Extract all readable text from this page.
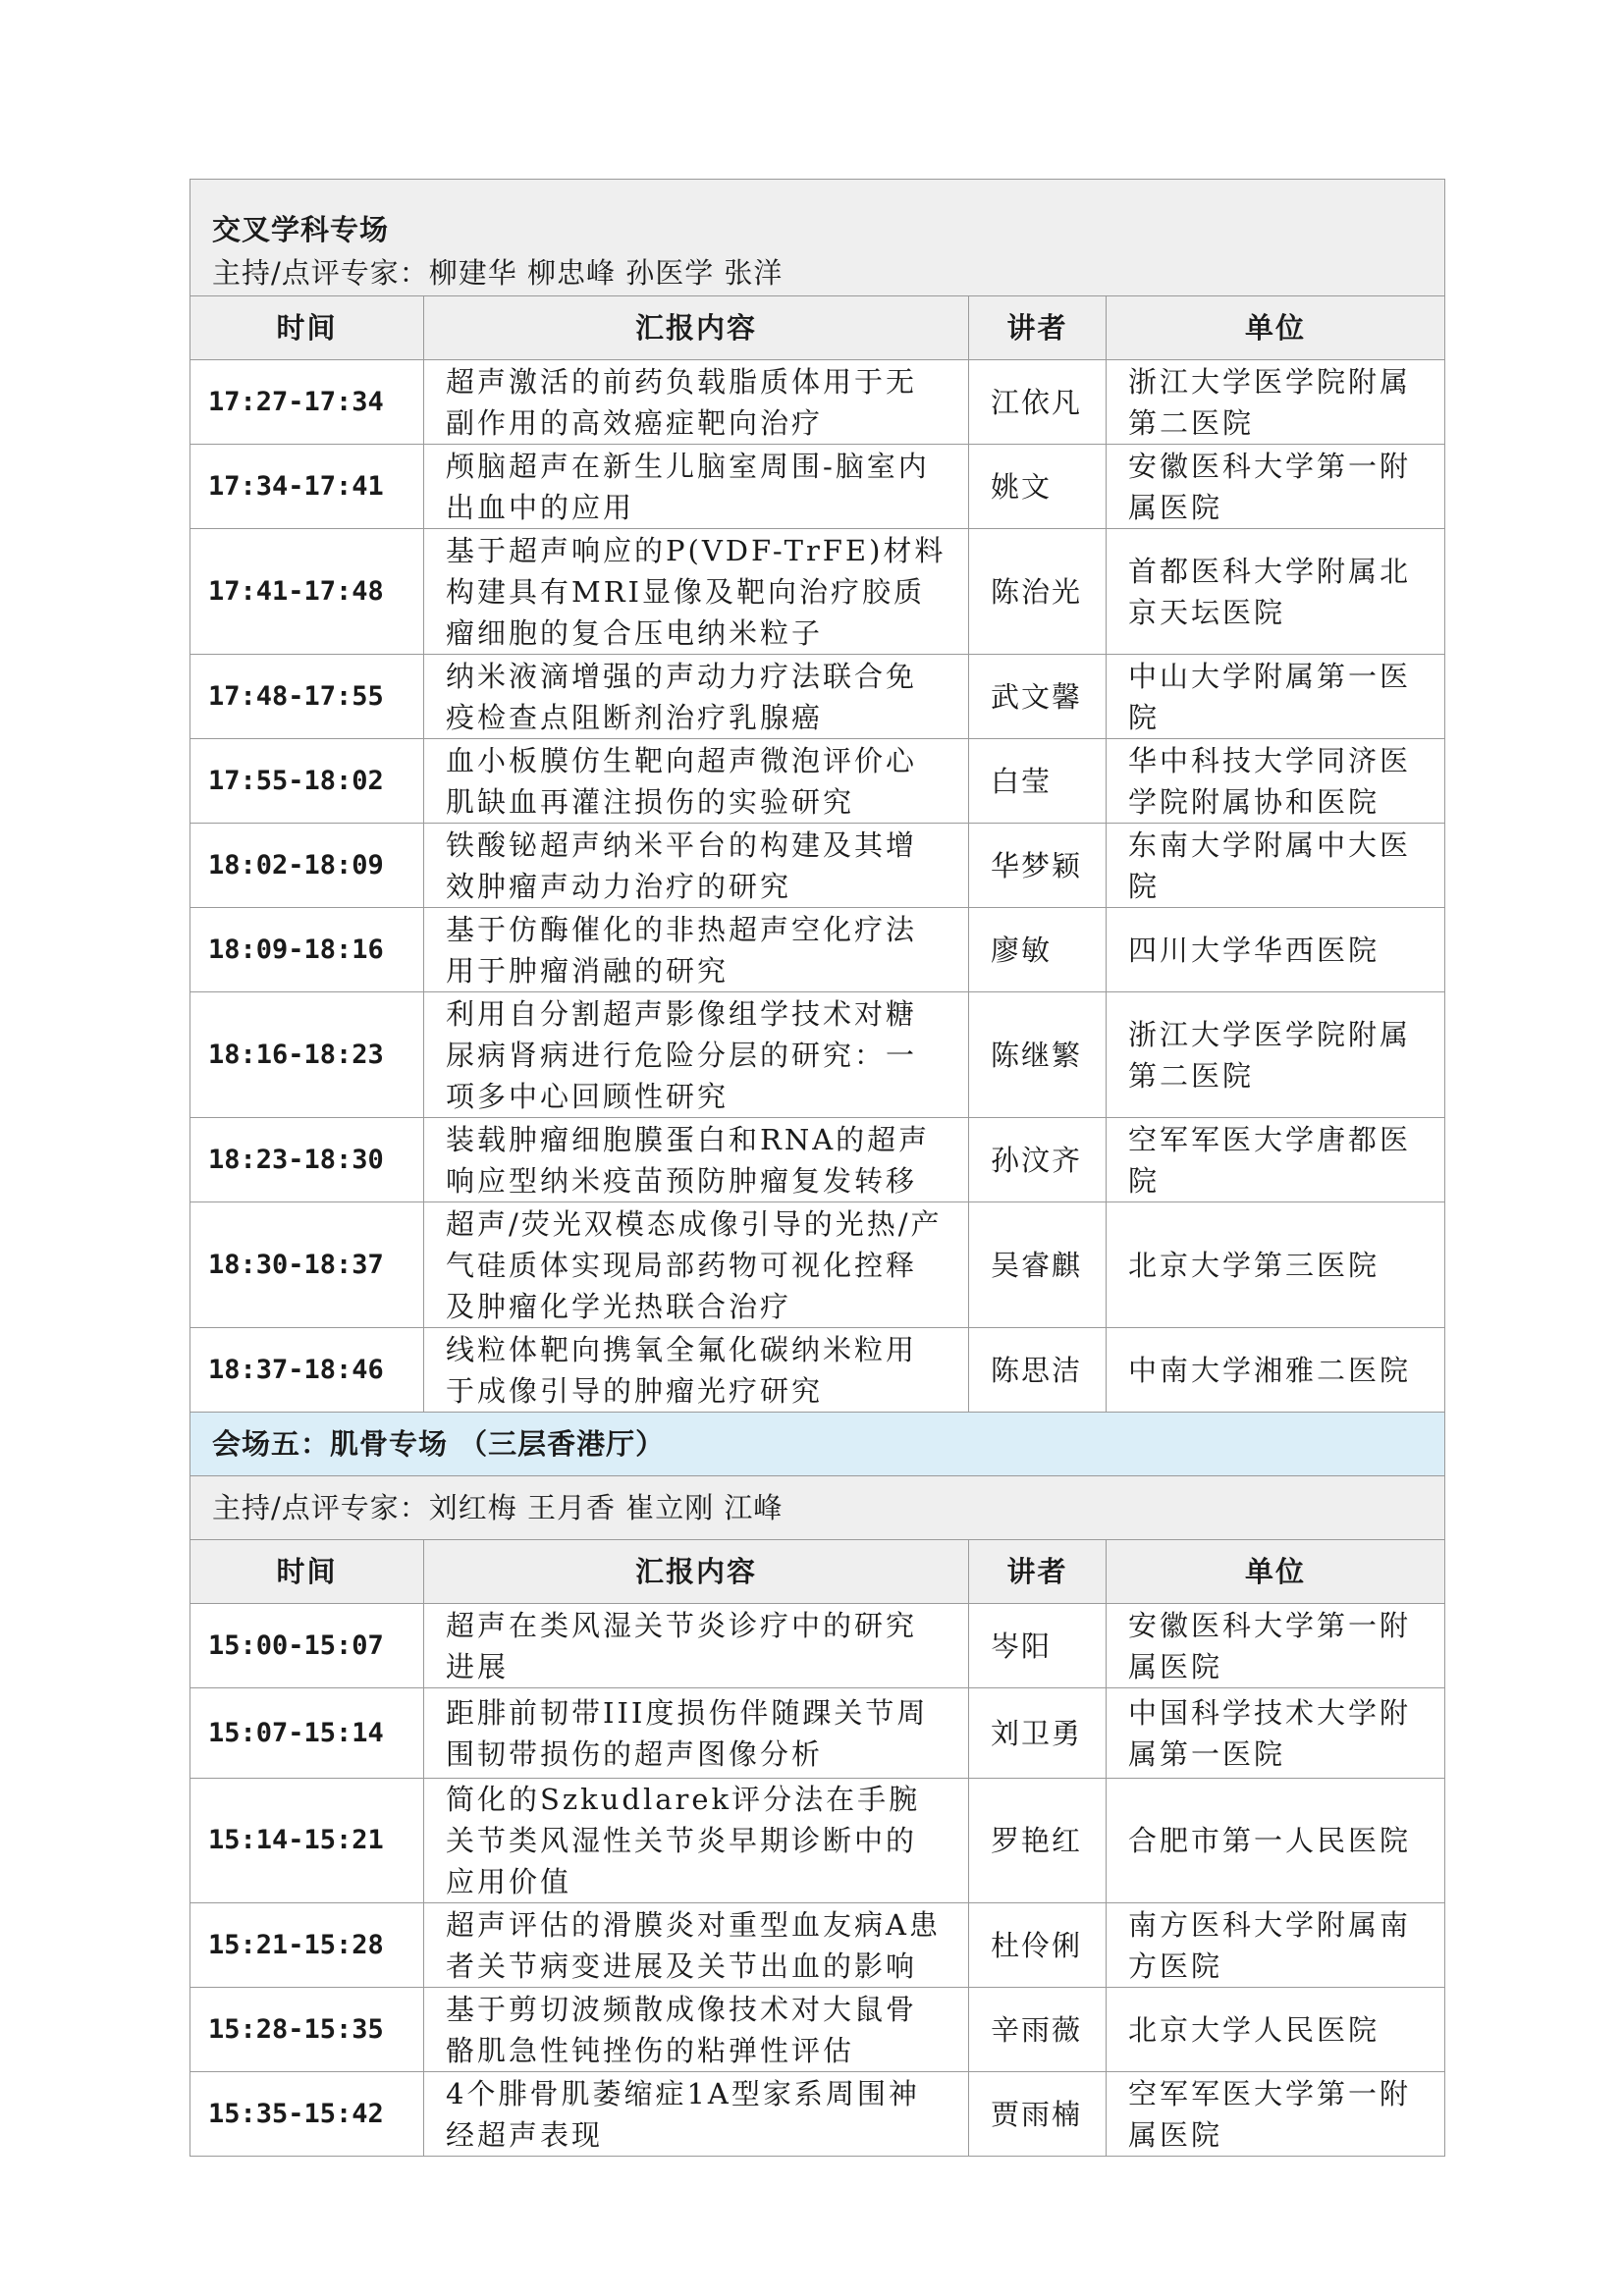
交叉学科专场			
主持/点评专家：柳建华 柳忠峰 孙医学 张洋			
时间	汇报内容	讲者	单位
17:27-17:34	超声激活的前药负载脂质体用于无副作用的高效癌症靶向治疗	江依凡	浙江大学医学院附属第二医院
17:34-17:41	颅脑超声在新生儿脑室周围-脑室内出血中的应用	姚文	安徽医科大学第一附属医院
17:41-17:48	基于超声响应的P(VDF-TrFE)材料构建具有MRI显像及靶向治疗胶质瘤细胞的复合压电纳米粒子	陈治光	首都医科大学附属北京天坛医院
17:48-17:55	纳米液滴增强的声动力疗法联合免疫检查点阻断剂治疗乳腺癌	武文馨	中山大学附属第一医院
17:55-18:02	血小板膜仿生靶向超声微泡评价心肌缺血再灌注损伤的实验研究	白莹	华中科技大学同济医学院附属协和医院
18:02-18:09	铁酸铋超声纳米平台的构建及其增效肿瘤声动力治疗的研究	华梦颖	东南大学附属中大医院
18:09-18:16	基于仿酶催化的非热超声空化疗法用于肿瘤消融的研究	廖敏	四川大学华西医院
18:16-18:23	利用自分割超声影像组学技术对糖尿病肾病进行危险分层的研究：一项多中心回顾性研究	陈继繁	浙江大学医学院附属第二医院
18:23-18:30	装载肿瘤细胞膜蛋白和RNA的超声响应型纳米疫苗预防肿瘤复发转移	孙汶齐	空军军医大学唐都医院
18:30-18:37	超声/荧光双模态成像引导的光热/产气硅质体实现局部药物可视化控释及肿瘤化学光热联合治疗	吴睿麒	北京大学第三医院
18:37-18:46	线粒体靶向携氧全氟化碳纳米粒用于成像引导的肿瘤光疗研究	陈思洁	中南大学湘雅二医院
会场五：肌骨专场 （三层香港厅）			
主持/点评专家：刘红梅 王月香 崔立刚 江峰			
时间	汇报内容	讲者	单位
15:00-15:07	超声在类风湿关节炎诊疗中的研究进展	岑阳	安徽医科大学第一附属医院
15:07-15:14	距腓前韧带III度损伤伴随踝关节周围韧带损伤的超声图像分析	刘卫勇	中国科学技术大学附属第一医院
15:14-15:21	简化的Szkudlarek评分法在手腕关节类风湿性关节炎早期诊断中的应用价值	罗艳红	合肥市第一人民医院
15:21-15:28	超声评估的滑膜炎对重型血友病A患者关节病变进展及关节出血的影响	杜伶俐	南方医科大学附属南方医院
15:28-15:35	基于剪切波频散成像技术对大鼠骨骼肌急性钝挫伤的粘弹性评估	辛雨薇	北京大学人民医院
15:35-15:42	4个腓骨肌萎缩症1A型家系周围神经超声表现	贾雨楠	空军军医大学第一附属医院
